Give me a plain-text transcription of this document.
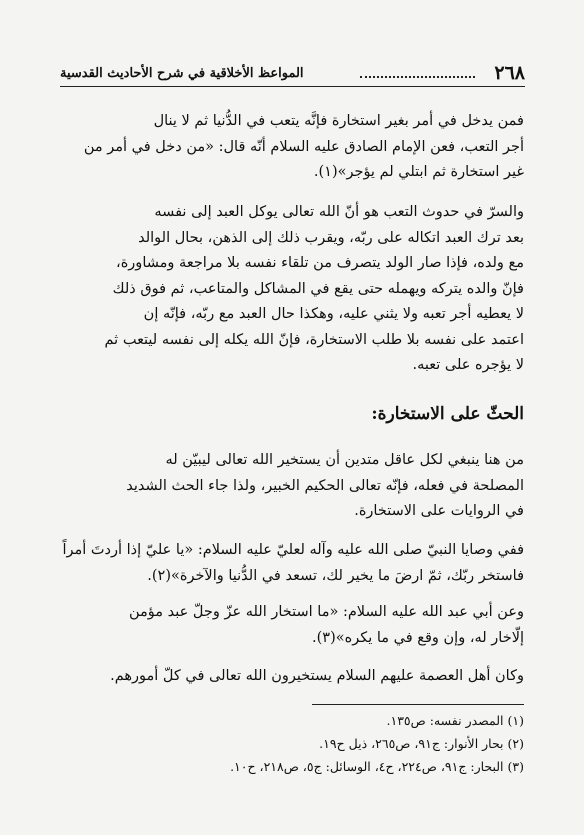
٢٦٨
المواعظ الأخلاقية في شرح الأحاديث القدسية

فمن يدخل في أمر بغير استخارة فإنَّه يتعب في الدُّنيا ثم لا ينال
أجر التعب، فعن الإمام الصادق عليه السلام أنّه قال: «من دخل في أمر من
غير استخارة ثم ابتلي لم يؤجر»(١).

والسرّ في حدوث التعب هو أنّ الله تعالى يوكل العبد إلى نفسه
بعد ترك العبد اتكاله على ربّه، ويقرب ذلك إلى الذهن، بحال الوالد
مع ولده، فإذا صار الولد يتصرف من تلقاء نفسه بلا مراجعة ومشاورة،
فإنّ والده يتركه ويهمله حتى يقع في المشاكل والمتاعب، ثم فوق ذلك
لا يعطيه أجر تعبه ولا يثني عليه، وهكذا حال العبد مع ربّه، فإنّه إن
اعتمد على نفسه بلا طلب الاستخارة، فإنّ الله يكله إلى نفسه ليتعب ثم
لا يؤجره على تعبه.

الحثّ على الاستخارة:

من هنا ينبغي لكل عاقل متدين أن يستخير الله تعالى ليبيّن له
المصلحة في فعله، فإنّه تعالى الحكيم الخبير، ولذا جاء الحث الشديد
في الروايات على الاستخارة.

ففي وصايا النبيّ صلى الله عليه وآله لعليّ عليه السلام: «يا عليّ إذا أردتَ أمراً
فاستخر ربّك، ثمّ ارضَ ما يخير لك، تسعد في الدُّنيا والآخرة»(٢).

وعن أبي عبد الله عليه السلام: «ما استخار الله عزّ وجلّ عبد مؤمن
إلّاخار له، وإن وقع في ما يكره»(٣).

وكان أهل العصمة عليهم السلام يستخيرون الله تعالى في كلّ أمورهم.

(١) المصدر نفسه: ص١٣٥.
(٢) بحار الأنوار: ج٩١، ص٢٦٥، ذيل ح١٩.
(٣) البحار: ج٩١، ص٢٢٤، ح٤، الوسائل: ج٥، ص٢١٨، ح١٠.
